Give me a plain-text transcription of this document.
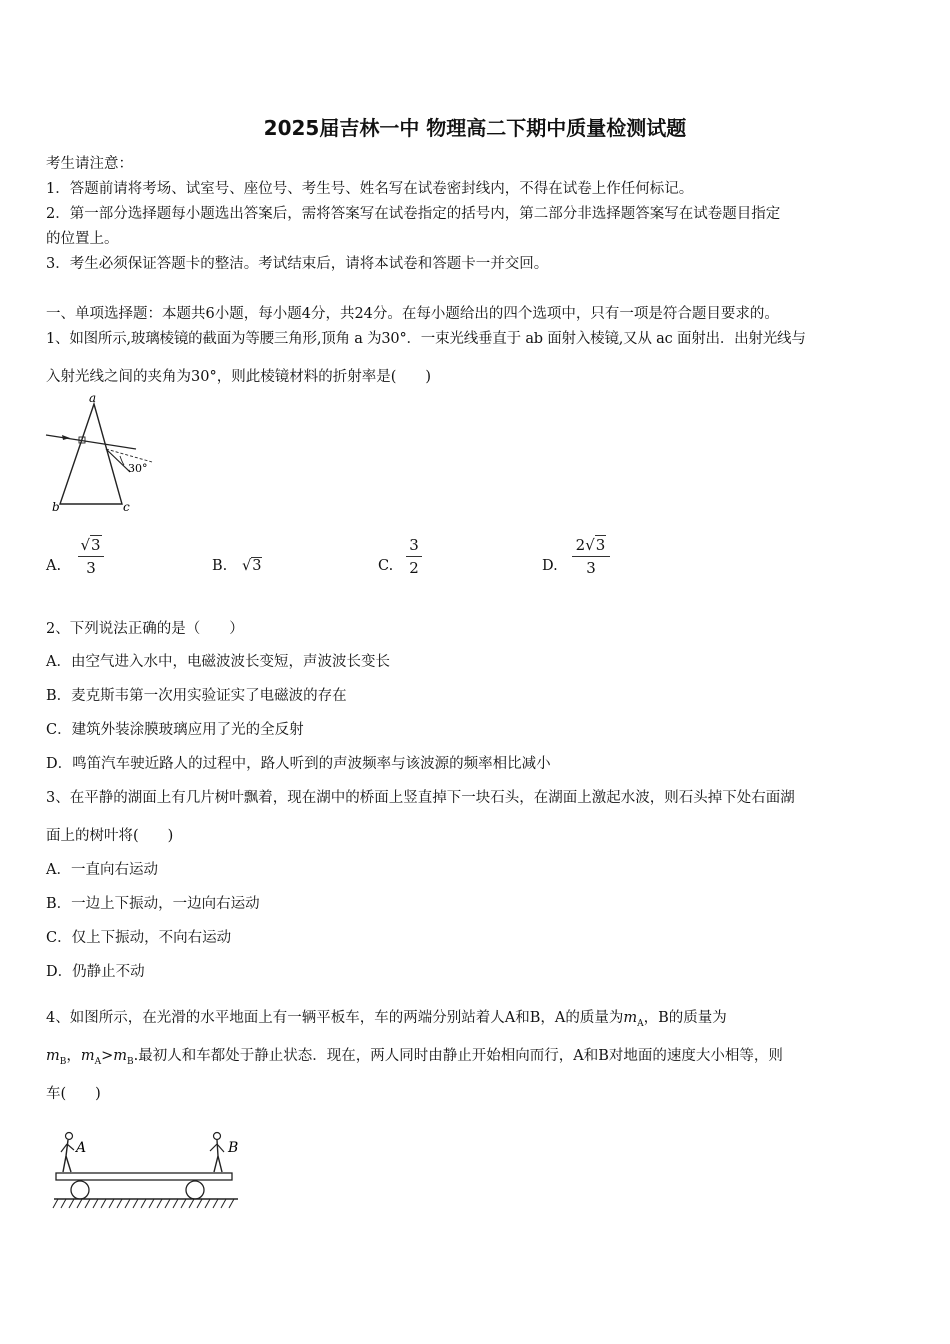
2025届吉林一中 物理高二下期中质量检测试题
考生请注意：
1．答题前请将考场、试室号、座位号、考生号、姓名写在试卷密封线内，不得在试卷上作任何标记。
2．第一部分选择题每小题选出答案后，需将答案写在试卷指定的括号内，第二部分非选择题答案写在试卷题目指定
的位置上。
3．考生必须保证答题卡的整洁。考试结束后，请将本试卷和答题卡一并交回。
一、单项选择题：本题共6小题，每小题4分，共24分。在每小题给出的四个选项中，只有一项是符合题目要求的。
1、如图所示,玻璃棱镜的截面为等腰三角形,顶角 a 为30°．一束光线垂直于 ab 面射入棱镜,又从 ac 面射出．出射光线与
入射光线之间的夹角为30°，则此棱镜材料的折射率是(　　)
a
b	c
30°
A.
√3
3	B. √3	C.
3
2	D.
2√3
3
2、下列说法正确的是（　　）
A．由空气进入水中，电磁波波长变短，声波波长变长
B．麦克斯韦第一次用实验证实了电磁波的存在
C．建筑外装涂膜玻璃应用了光的全反射
D．鸣笛汽车驶近路人的过程中，路人听到的声波频率与该波源的频率相比减小
3、在平静的湖面上有几片树叶飘着，现在湖中的桥面上竖直掉下一块石头，在湖面上激起水波，则石头掉下处右面湖
面上的树叶将(　　)
A．一直向右运动
B．一边上下振动，一边向右运动
C．仅上下振动，不向右运动
D．仍静止不动
4、如图所示，在光滑的水平地面上有一辆平板车，车的两端分别站着人A和B，A的质量为$m_A$，B的质量为
$m_B$，$m_A>m_B$.最初人和车都处于静止状态．现在，两人同时由静止开始相向而行，A和B对地面的速度大小相等，则
车(　　)
A	B
